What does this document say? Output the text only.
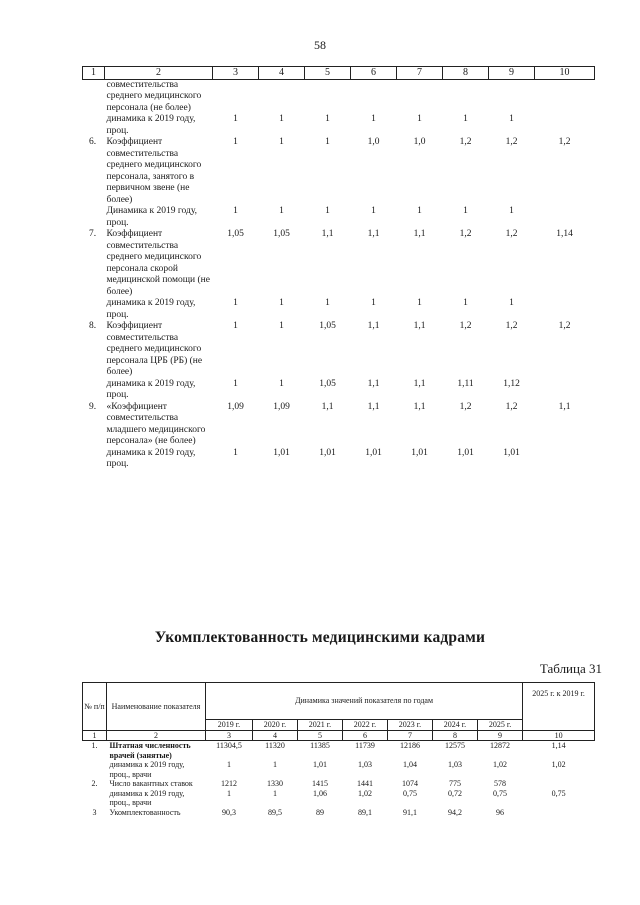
58
1	2	3	4	5	6	7	8	9	10
	совместительства среднего медицинского персонала (не более)								
	динамика к 2019 году, проц.	1	1	1	1	1	1	1	
6.	Коэффициент совместительства среднего медицинского персонала, занятого в первичном звене (не более)	1	1	1	1,0	1,0	1,2	1,2	1,2
	Динамика к 2019 году, проц.	1	1	1	1	1	1	1	
7.	Коэффициент совместительства среднего медицинского персонала скорой медицинской помощи (не более)	1,05	1,05	1,1	1,1	1,1	1,2	1,2	1,14
	динамика к 2019 году, проц.	1	1	1	1	1	1	1	
8.	Коэффициент совместительства среднего медицинского персонала ЦРБ (РБ) (не более)	1	1	1,05	1,1	1,1	1,2	1,2	1,2
	динамика к 2019 году, проц.	1	1	1,05	1,1	1,1	1,11	1,12	
9.	«Коэффициент совместительства младшего медицинского персонала» (не более)	1,09	1,09	1,1	1,1	1,1	1,2	1,2	1,1
	динамика к 2019 году, проц.	1	1,01	1,01	1,01	1,01	1,01	1,01	
Укомплектованность медицинскими кадрами
Таблица 31
№ п/п	Наименование показателя	Динамика значений показателя по годам							2025 г. к 2019 г.
		2019 г.	2020 г.	2021 г.	2022 г.	2023 г.	2024 г.	2025 г.	
1	2	3	4	5	6	7	8	9	10
1.	Штатная численность врачей (занятые)	11304,5	11320	11385	11739	12186	12575	12872	1,14
	динамика к 2019 году, проц., врачи	1	1	1,01	1,03	1,04	1,03	1,02	1,02
2.	Число вакантных ставок	1212	1330	1415	1441	1074	775	578	
	динамика к 2019 году, проц., врачи	1	1	1,06	1,02	0,75	0,72	0,75	0,75
3	Укомплектованность	90,3	89,5	89	89,1	91,1	94,2	96	
